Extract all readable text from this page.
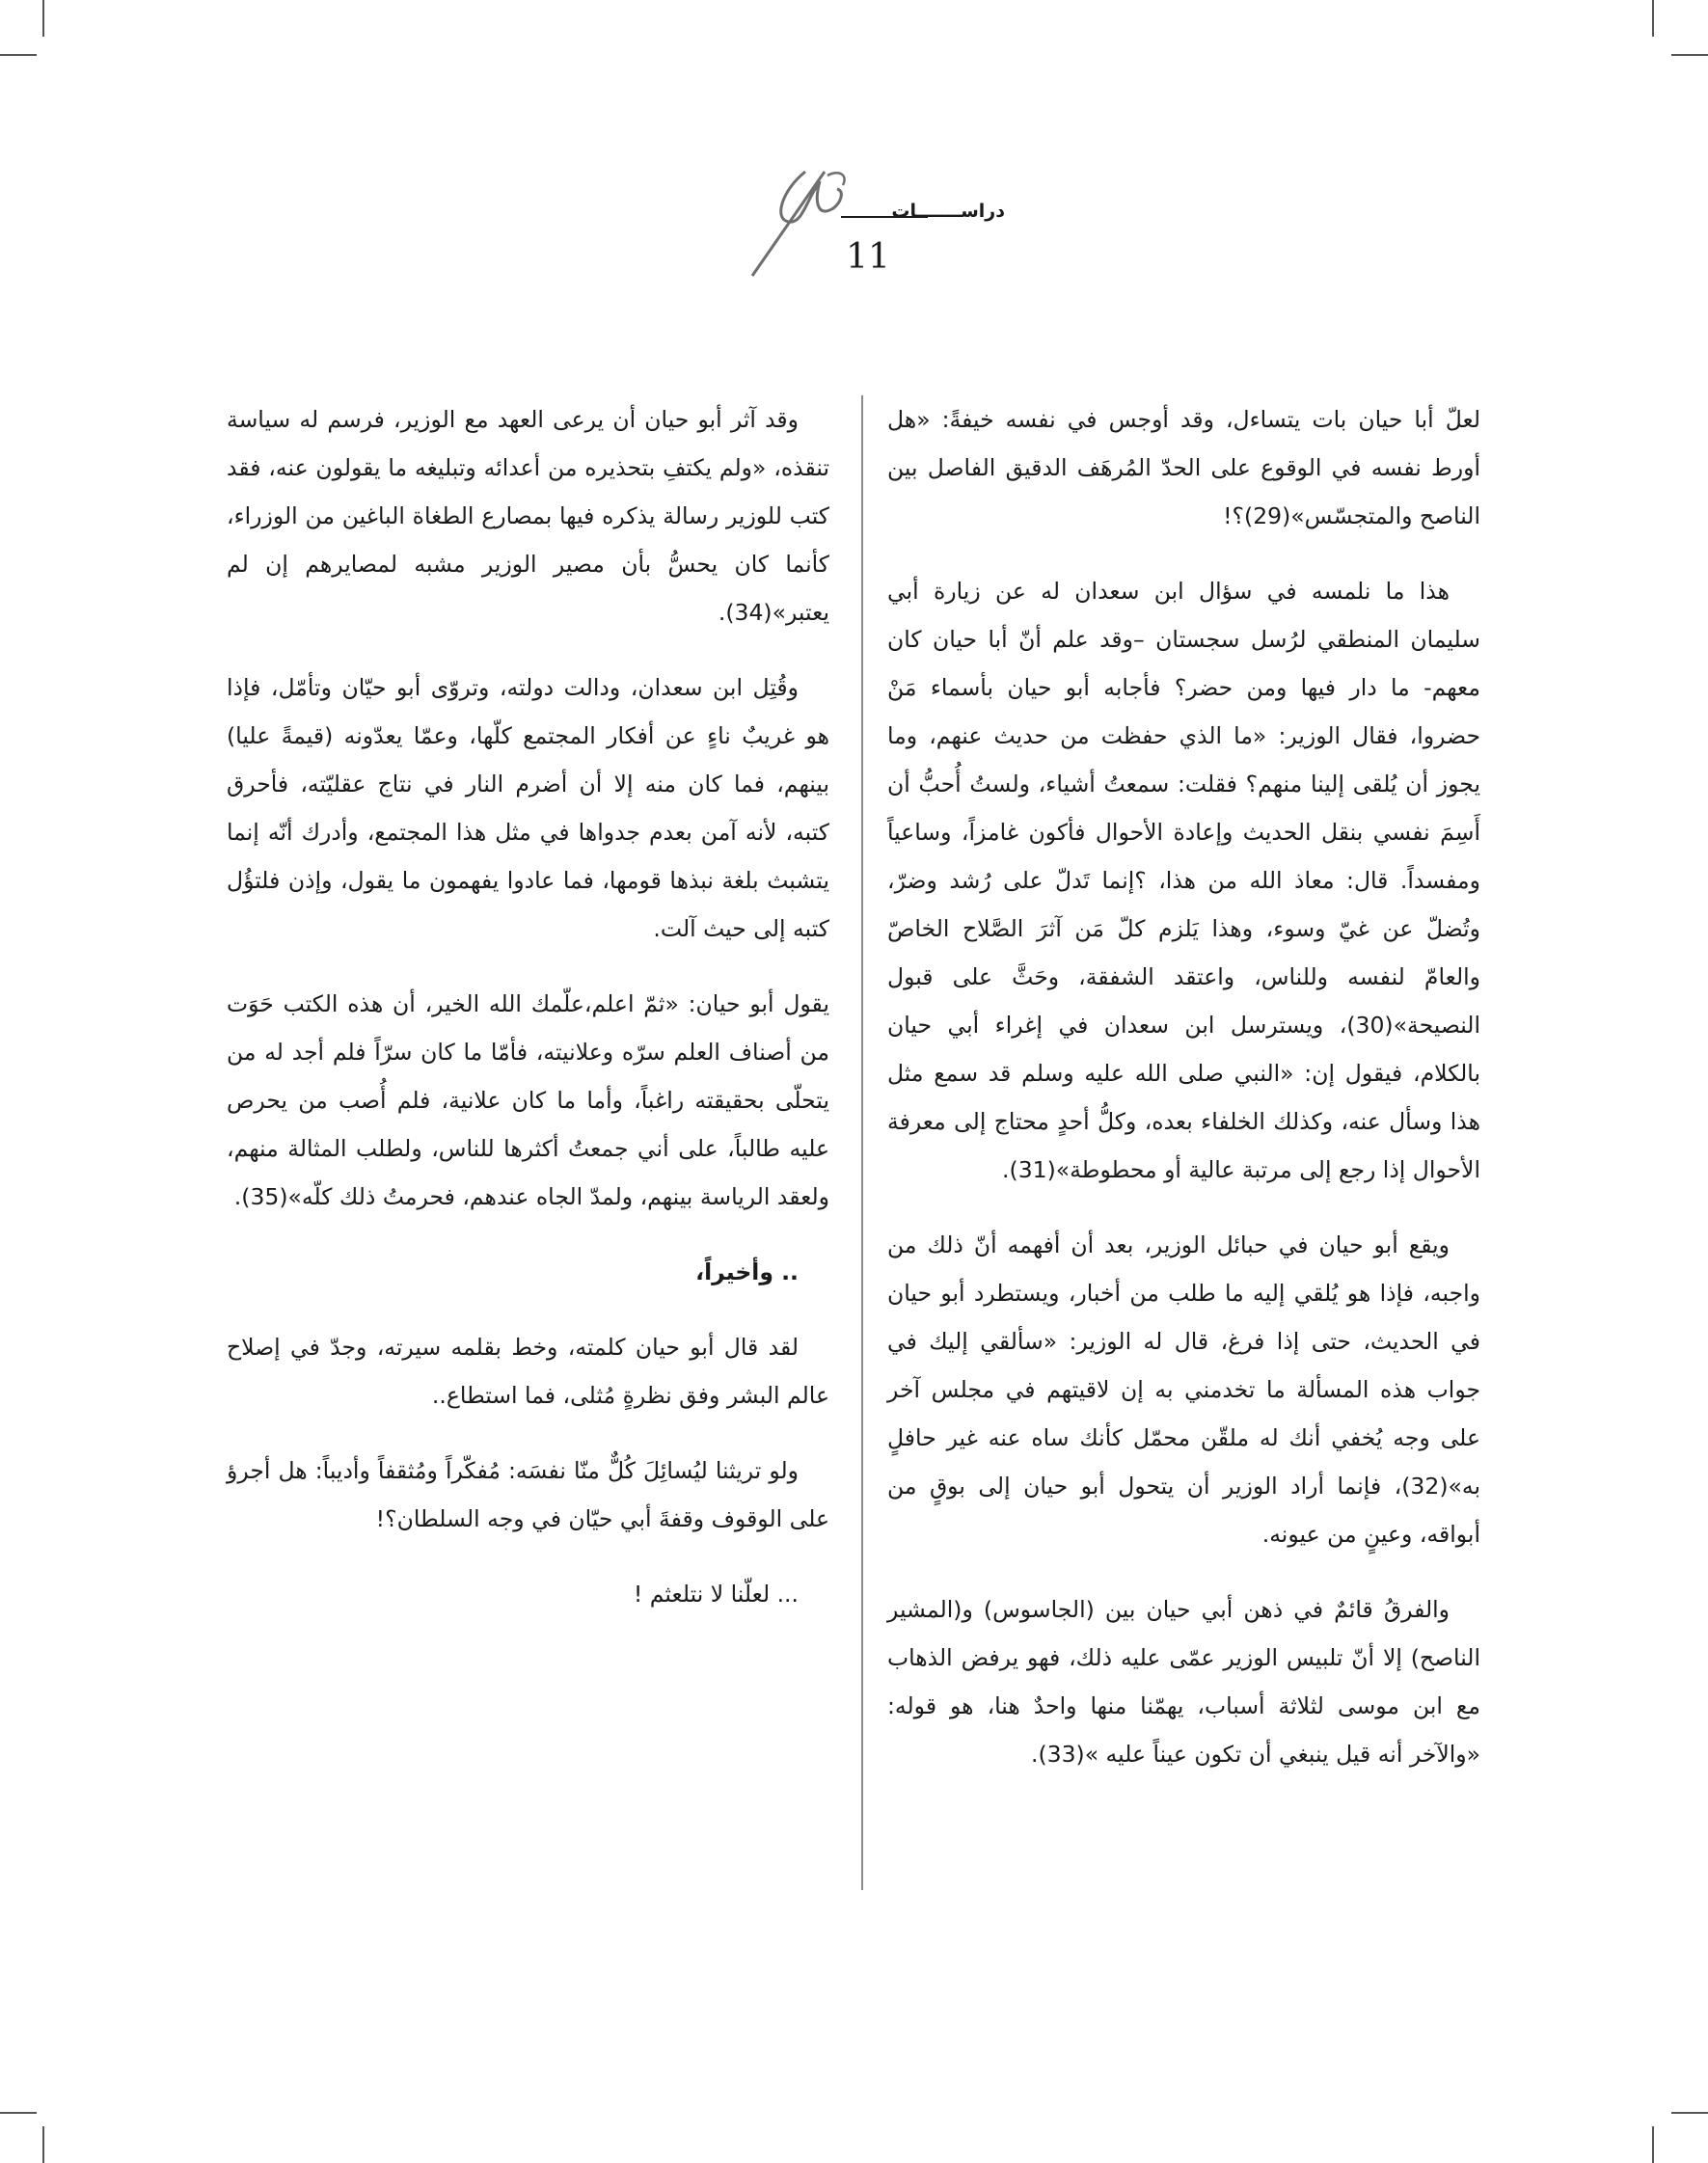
دراســـــــات
11

لعلّ أبا حيان بات يتساءل، وقد أوجس في نفسه خيفةً: «هل أورط نفسه في الوقوع على الحدّ المُرهَف الدقيق الفاصل بين الناصح والمتجسّس»(29)؟!

هذا ما نلمسه في سؤال ابن سعدان له عن زيارة أبي سليمان المنطقي لرُسل سجستان –وقد علم أنّ أبا حيان كان معهم- ما دار فيها ومن حضر؟ فأجابه أبو حيان بأسماء مَنْ حضروا، فقال الوزير: «ما الذي حفظت من حديث عنهم، وما يجوز أن يُلقى إلينا منهم؟ فقلت: سمعتُ أشياء، ولستُ أُحبُّ أن أَسِمَ نفسي بنقل الحديث وإعادة الأحوال فأكون غامزاً، وساعياً ومفسداً. قال: معاذ الله من هذا، ؟إنما تَدلّ على رُشد وضرّ، وتُضلّ عن غيّ وسوء، وهذا يَلزم كلّ مَن آثرَ الصَّلاح الخاصّ والعامّ لنفسه وللناس، واعتقد الشفقة، وحَثَّ على قبول النصيحة»(30)، ويسترسل ابن سعدان في إغراء أبي حيان بالكلام، فيقول إن: «النبي صلى الله عليه وسلم قد سمع مثل هذا وسأل عنه، وكذلك الخلفاء بعده، وكلُّ أحدٍ محتاج إلى معرفة الأحوال إذا رجع إلى مرتبة عالية أو محطوطة»(31).

ويقع أبو حيان في حبائل الوزير، بعد أن أفهمه أنّ ذلك من واجبه، فإذا هو يُلقي إليه ما طلب من أخبار، ويستطرد أبو حيان في الحديث، حتى إذا فرغ، قال له الوزير: «سألقي إليك في جواب هذه المسألة ما تخدمني به إن لاقيتهم في مجلس آخر على وجه يُخفي أنك له ملقّن محمّل كأنك ساه عنه غير حافلٍ به»(32)، فإنما أراد الوزير أن يتحول أبو حيان إلى بوقٍ من أبواقه، وعينٍ من عيونه.

والفرقُ قائمٌ في ذهن أبي حيان بين (الجاسوس) و(المشير الناصح) إلا أنّ تلبيس الوزير عمّى عليه ذلك، فهو يرفض الذهاب مع ابن موسى لثلاثة أسباب، يهمّنا منها واحدٌ هنا، هو قوله: «والآخر أنه قيل ينبغي أن تكون عيناً عليه »(33).

وقد آثر أبو حيان أن يرعى العهد مع الوزير، فرسم له سياسة تنقذه، «ولم يكتفِ بتحذيره من أعدائه وتبليغه ما يقولون عنه، فقد كتب للوزير رسالة يذكره فيها بمصارع الطغاة الباغين من الوزراء، كأنما كان يحسُّ بأن مصير الوزير مشبه لمصايرهم إن لم يعتبر»(34).

وقُتِل ابن سعدان، ودالت دولته، وتروّى أبو حيّان وتأمّل، فإذا هو غريبٌ ناءٍ عن أفكار المجتمع كلّها، وعمّا يعدّونه (قيمةً عليا) بينهم، فما كان منه إلا أن أضرم النار في نتاج عقليّته، فأحرق كتبه، لأنه آمن بعدم جدواها في مثل هذا المجتمع، وأدرك أنّه إنما يتشبث بلغة نبذها قومها، فما عادوا يفهمون ما يقول، وإذن فلتؤُل كتبه إلى حيث آلت.

يقول أبو حيان: «ثمّ اعلم،علّمك الله الخير، أن هذه الكتب حَوَت من أصناف العلم سرّه وعلانيته، فأمّا ما كان سرّاً فلم أجد له من يتحلّى بحقيقته راغباً، وأما ما كان علانية، فلم أُصب من يحرص عليه طالباً، على أني جمعتُ أكثرها للناس، ولطلب المثالة منهم، ولعقد الرياسة بينهم، ولمدّ الجاه عندهم، فحرمتُ ذلك كلّه»(35).

.. وأخيراً،

لقد قال أبو حيان كلمته، وخط بقلمه سيرته، وجدّ في إصلاح عالم البشر وفق نظرةٍ مُثلى، فما استطاع..

ولو تريثنا ليُسائِلَ كُلٌّ منّا نفسَه: مُفكّراً ومُثقفاً وأديباً: هل أجرؤ على الوقوف وقفةَ أبي حيّان في وجه السلطان؟!

... لعلّنا لا نتلعثم !
